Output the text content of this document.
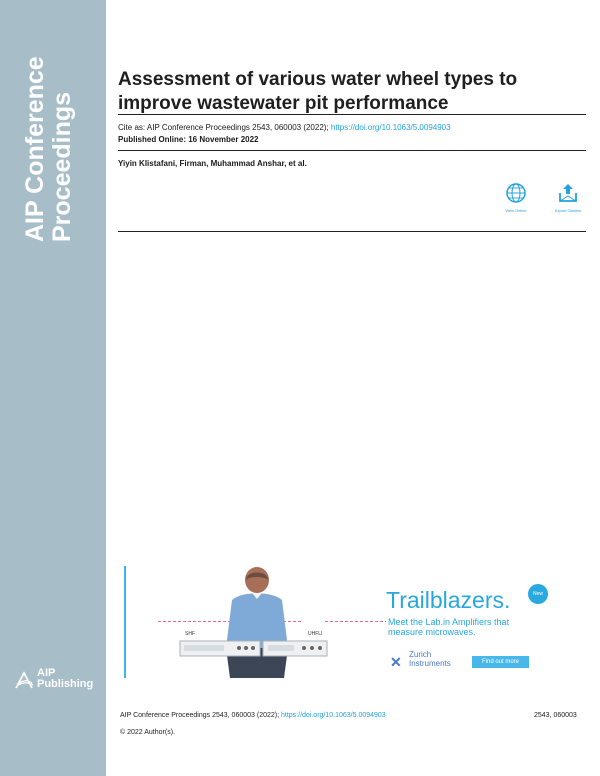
AIP Conference Proceedings
AIP
Publishing
Assessment of various water wheel types to
improve wastewater pit performance
Cite as: AIP Conference Proceedings 2543, 060003 (2022); https://doi.org/10.1063/5.0094903
Published Online: 16 November 2022
Yiyin Klistafani, Firman, Muhammad Anshar, et al.
View Online	Export Citation
SHF	UHFLI
Trailblazers.	New
Meet the Lab.in Amplifiers that
measure microwaves.
✕ Zurich
Instruments	Find out more
AIP Conference Proceedings 2543, 060003 (2022); https://doi.org/10.1063/5.0094903	2543, 060003
© 2022 Author(s).
